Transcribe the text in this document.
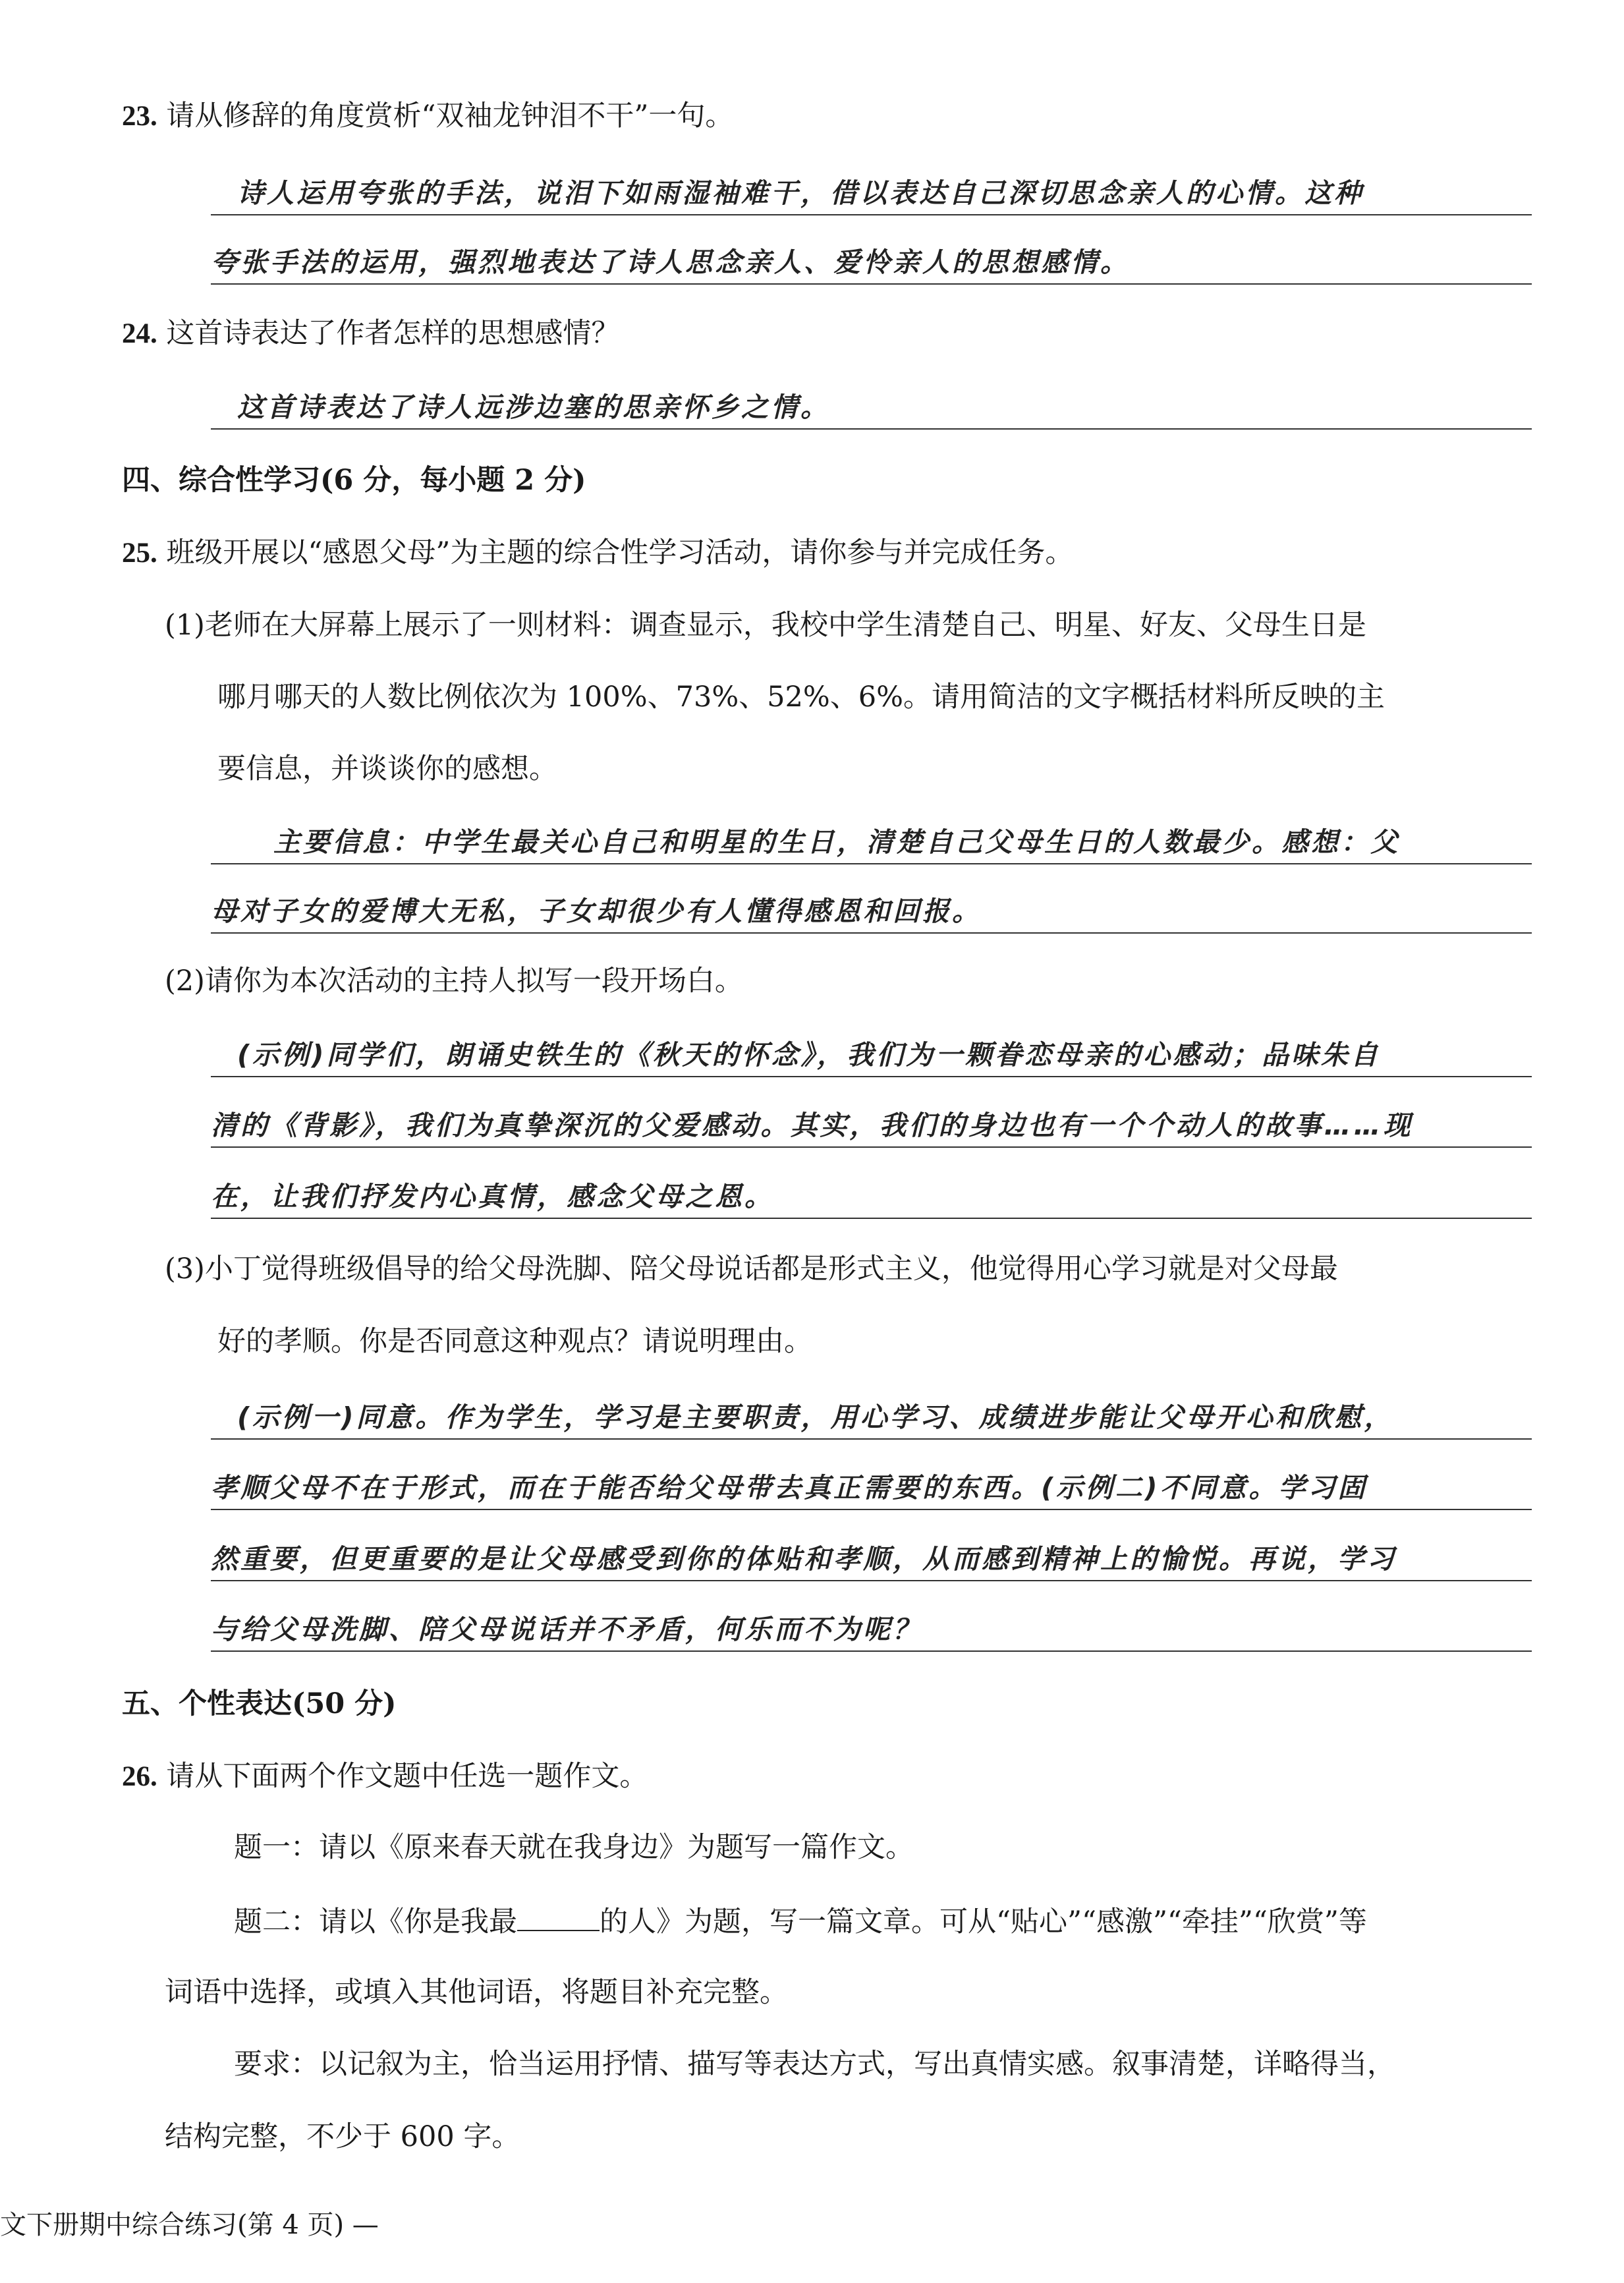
23. 请从修辞的角度赏析“双袖龙钟泪不干”一句。
诗人运用夸张的手法，说泪下如雨湿袖难干，借以表达自己深切思念亲人的心情。这种
夸张手法的运用，强烈地表达了诗人思念亲人、爱怜亲人的思想感情。
24. 这首诗表达了作者怎样的思想感情？
这首诗表达了诗人远涉边塞的思亲怀乡之情。
四、综合性学习(6 分，每小题 2 分)
25. 班级开展以“感恩父母”为主题的综合性学习活动，请你参与并完成任务。
(1)老师在大屏幕上展示了一则材料：调查显示，我校中学生清楚自己、明星、好友、父母生日是
哪月哪天的人数比例依次为 100%、73%、52%、6%。请用简洁的文字概括材料所反映的主
要信息，并谈谈你的感想。
主要信息：中学生最关心自己和明星的生日，清楚自己父母生日的人数最少。感想：父
母对子女的爱博大无私，子女却很少有人懂得感恩和回报。
(2)请你为本次活动的主持人拟写一段开场白。
(示例)同学们，朗诵史铁生的《秋天的怀念》，我们为一颗眷恋母亲的心感动；品味朱自
清的《背影》，我们为真挚深沉的父爱感动。其实，我们的身边也有一个个动人的故事……现
在，让我们抒发内心真情，感念父母之恩。
(3)小丁觉得班级倡导的给父母洗脚、陪父母说话都是形式主义，他觉得用心学习就是对父母最
好的孝顺。你是否同意这种观点？请说明理由。
(示例一)同意。作为学生，学习是主要职责，用心学习、成绩进步能让父母开心和欣慰，
孝顺父母不在于形式，而在于能否给父母带去真正需要的东西。(示例二)不同意。学习固
然重要，但更重要的是让父母感受到你的体贴和孝顺，从而感到精神上的愉悦。再说，学习
与给父母洗脚、陪父母说话并不矛盾，何乐而不为呢？
五、个性表达(50 分)
26. 请从下面两个作文题中任选一题作文。
题一：请以《原来春天就在我身边》为题写一篇作文。
题二：请以《你是我最	的人》为题，写一篇文章。可从“贴心”“感激”“牵挂”“欣赏”等
词语中选择，或填入其他词语，将题目补充完整。
要求：以记叙为主，恰当运用抒情、描写等表达方式，写出真情实感。叙事清楚，详略得当，
结构完整，不少于 600 字。
文下册期中综合练习(第 4 页) —
